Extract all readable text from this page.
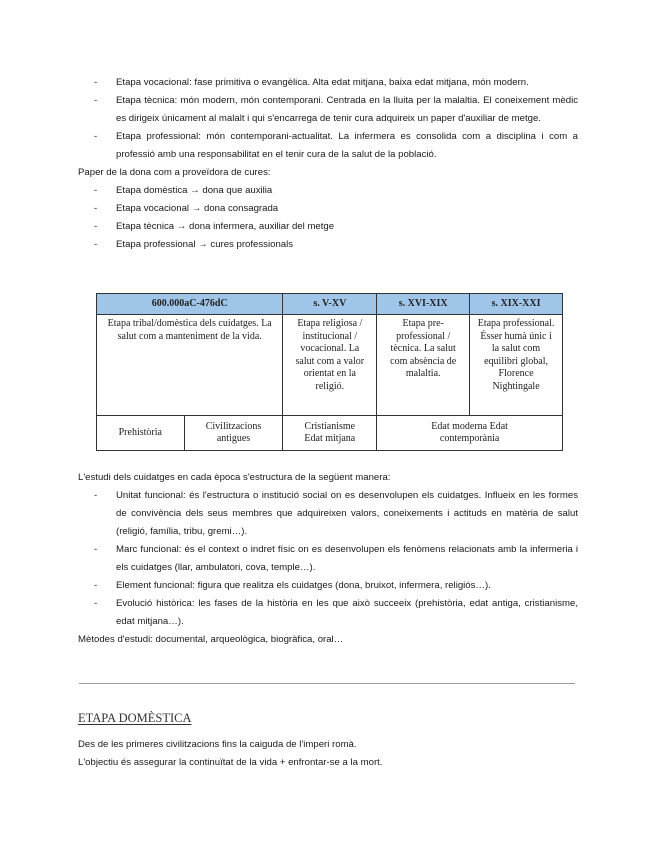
- Etapa vocacional: fase primitiva o evangèlica. Alta edat mitjana, baixa edat mitjana, món modern.
- Etapa tècnica: món modern, món contemporani. Centrada en la lluita per la malaltia. El coneixement mèdic es dirigeix únicament al malalt i qui s'encarrega de tenir cura adquireix un paper d'auxiliar de metge.
- Etapa professional: món contemporani-actualitat. La infermera es consolida com a disciplina i com a professió amb una responsabilitat en el tenir cura de la salut de la població.

Paper de la dona com a proveïdora de cures:

- Etapa domèstica → dona que auxilia
- Etapa vocacional → dona consagrada
- Etapa tècnica → dona infermera, auxiliar del metge
- Etapa professional → cures professionals
600.000aC-476dC		s. V-XV	s. XVI-XIX	s. XIX-XXI
Etapa tribal/domèstica dels cuidatges. La salut com a manteniment de la vida.		Etapa religiosa / institucional / vocacional. La salut com a valor orientat en la religió.	Etapa pre-professional / tècnica. La salut com absència de malaltia.	Etapa professional. Ésser humà únic i la salut com equilibri global, Florence Nightingale
Prehistòria	Civilitzacions antigues	Cristianisme Edat mitjana	Edat moderna Edat contemporània	

L'estudi dels cuidatges en cada època s'estructura de la següent manera:

- Unitat funcional: és l'estructura o institució social on es desenvolupen els cuidatges. Influeix en les formes de convivència dels seus membres que adquireixen valors, coneixements i actituds en matèria de salut (religió, família, tribu, gremi…).
- Marc funcional: és el context o indret físic on es desenvolupen els fenòmens relacionats amb la infermeria i els cuidatges (llar, ambulatori, cova, temple…).
- Element funcional: figura que realitza els cuidatges (dona, bruixot, infermera, religiós…).
- Evolució històrica: les fases de la història en les que això succeeix (prehistòria, edat antiga, cristianisme, edat mitjana…).

Mètodes d'estudi: documental, arqueològica, biogràfica, oral…

ETAPA DOMÈSTICA

Des de les primeres civilitzacions fins la caiguda de l'imperi romà.

L'objectiu és assegurar la continuïtat de la vida + enfrontar-se a la mort.
